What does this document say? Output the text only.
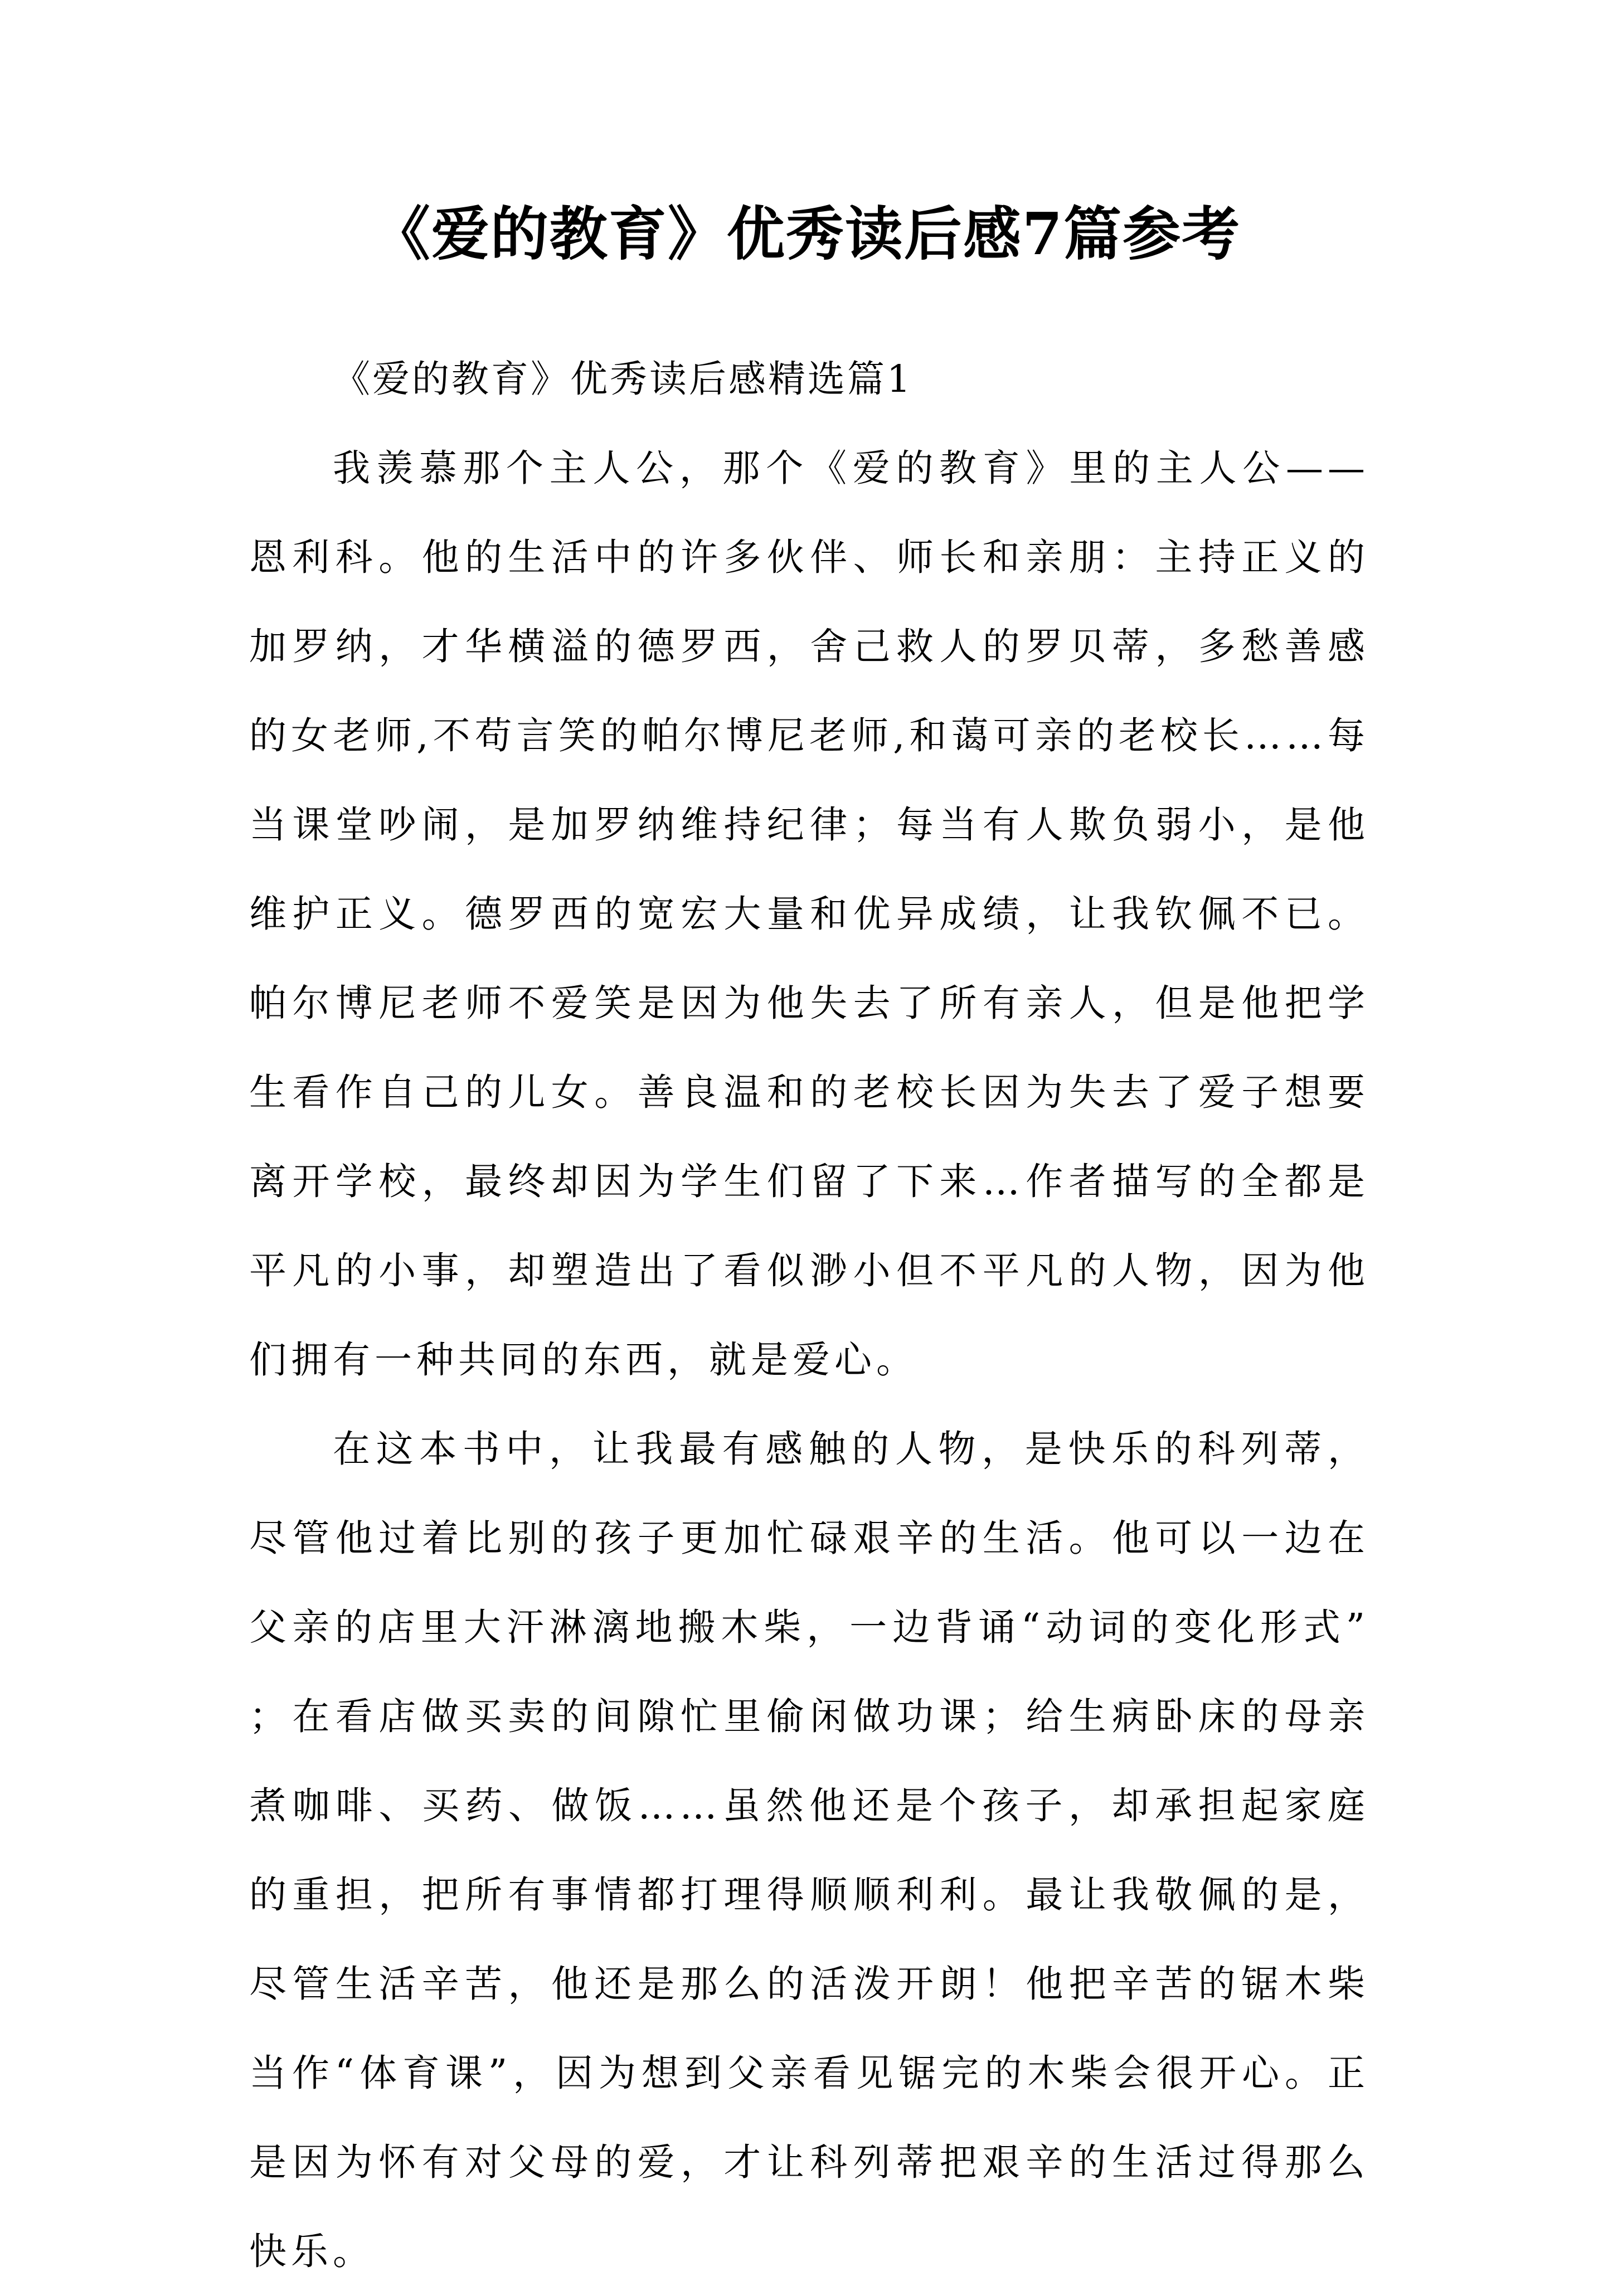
《爱的教育》优秀读后感7篇参考

《爱的教育》优秀读后感精选篇1

我羡慕那个主人公，那个《爱的教育》里的主人公——恩利科。他的生活中的许多伙伴、师长和亲朋：主持正义的加罗纳，才华横溢的德罗西，舍己救人的罗贝蒂，多愁善感的女老师,不苟言笑的帕尔博尼老师,和蔼可亲的老校长……每当课堂吵闹，是加罗纳维持纪律；每当有人欺负弱小，是他维护正义。德罗西的宽宏大量和优异成绩，让我钦佩不已。帕尔博尼老师不爱笑是因为他失去了所有亲人，但是他把学生看作自己的儿女。善良温和的老校长因为失去了爱子想要离开学校，最终却因为学生们留了下来…作者描写的全都是平凡的小事，却塑造出了看似渺小但不平凡的人物，因为他们拥有一种共同的东西，就是爱心。

在这本书中，让我最有感触的人物，是快乐的科列蒂，尽管他过着比别的孩子更加忙碌艰辛的生活。他可以一边在父亲的店里大汗淋漓地搬木柴，一边背诵“动词的变化形式”；在看店做买卖的间隙忙里偷闲做功课；给生病卧床的母亲煮咖啡、买药、做饭……虽然他还是个孩子，却承担起家庭的重担，把所有事情都打理得顺顺利利。最让我敬佩的是，尽管生活辛苦，他还是那么的活泼开朗！他把辛苦的锯木柴当作“体育课”，因为想到父亲看见锯完的木柴会很开心。正是因为怀有对父母的爱，才让科列蒂把艰辛的生活过得那么快乐。
